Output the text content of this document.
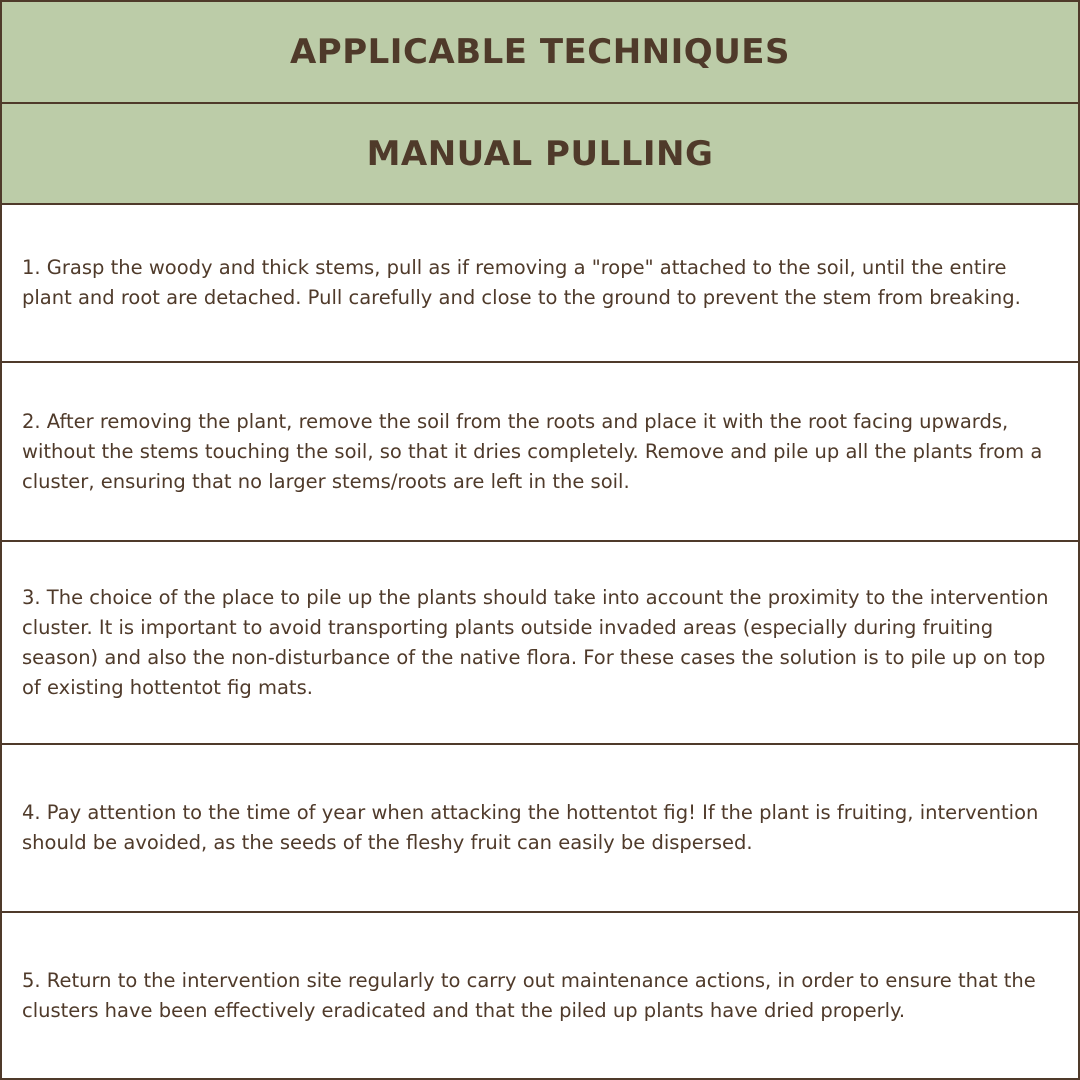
APPLICABLE TECHNIQUES
MANUAL PULLING
1. Grasp the woody and thick stems, pull as if removing a "rope" attached to the soil, until the entire plant and root are detached. Pull carefully and close to the ground to prevent the stem from breaking.
2. After removing the plant, remove the soil from the roots and place it with the root facing upwards, without the stems touching the soil, so that it dries completely. Remove and pile up all the plants from a cluster, ensuring that no larger stems/roots are left in the soil.
3. The choice of the place to pile up the plants should take into account the proximity to the intervention cluster. It is important to avoid transporting plants outside invaded areas (especially during fruiting season) and also the non-disturbance of the native flora. For these cases the solution is to pile up on top of existing hottentot fig mats.
4. Pay attention to the time of year when attacking the hottentot fig! If the plant is fruiting, intervention should be avoided, as the seeds of the fleshy fruit can easily be dispersed.
5. Return to the intervention site regularly to carry out maintenance actions, in order to ensure that the clusters have been effectively eradicated and that the piled up plants have dried properly.
